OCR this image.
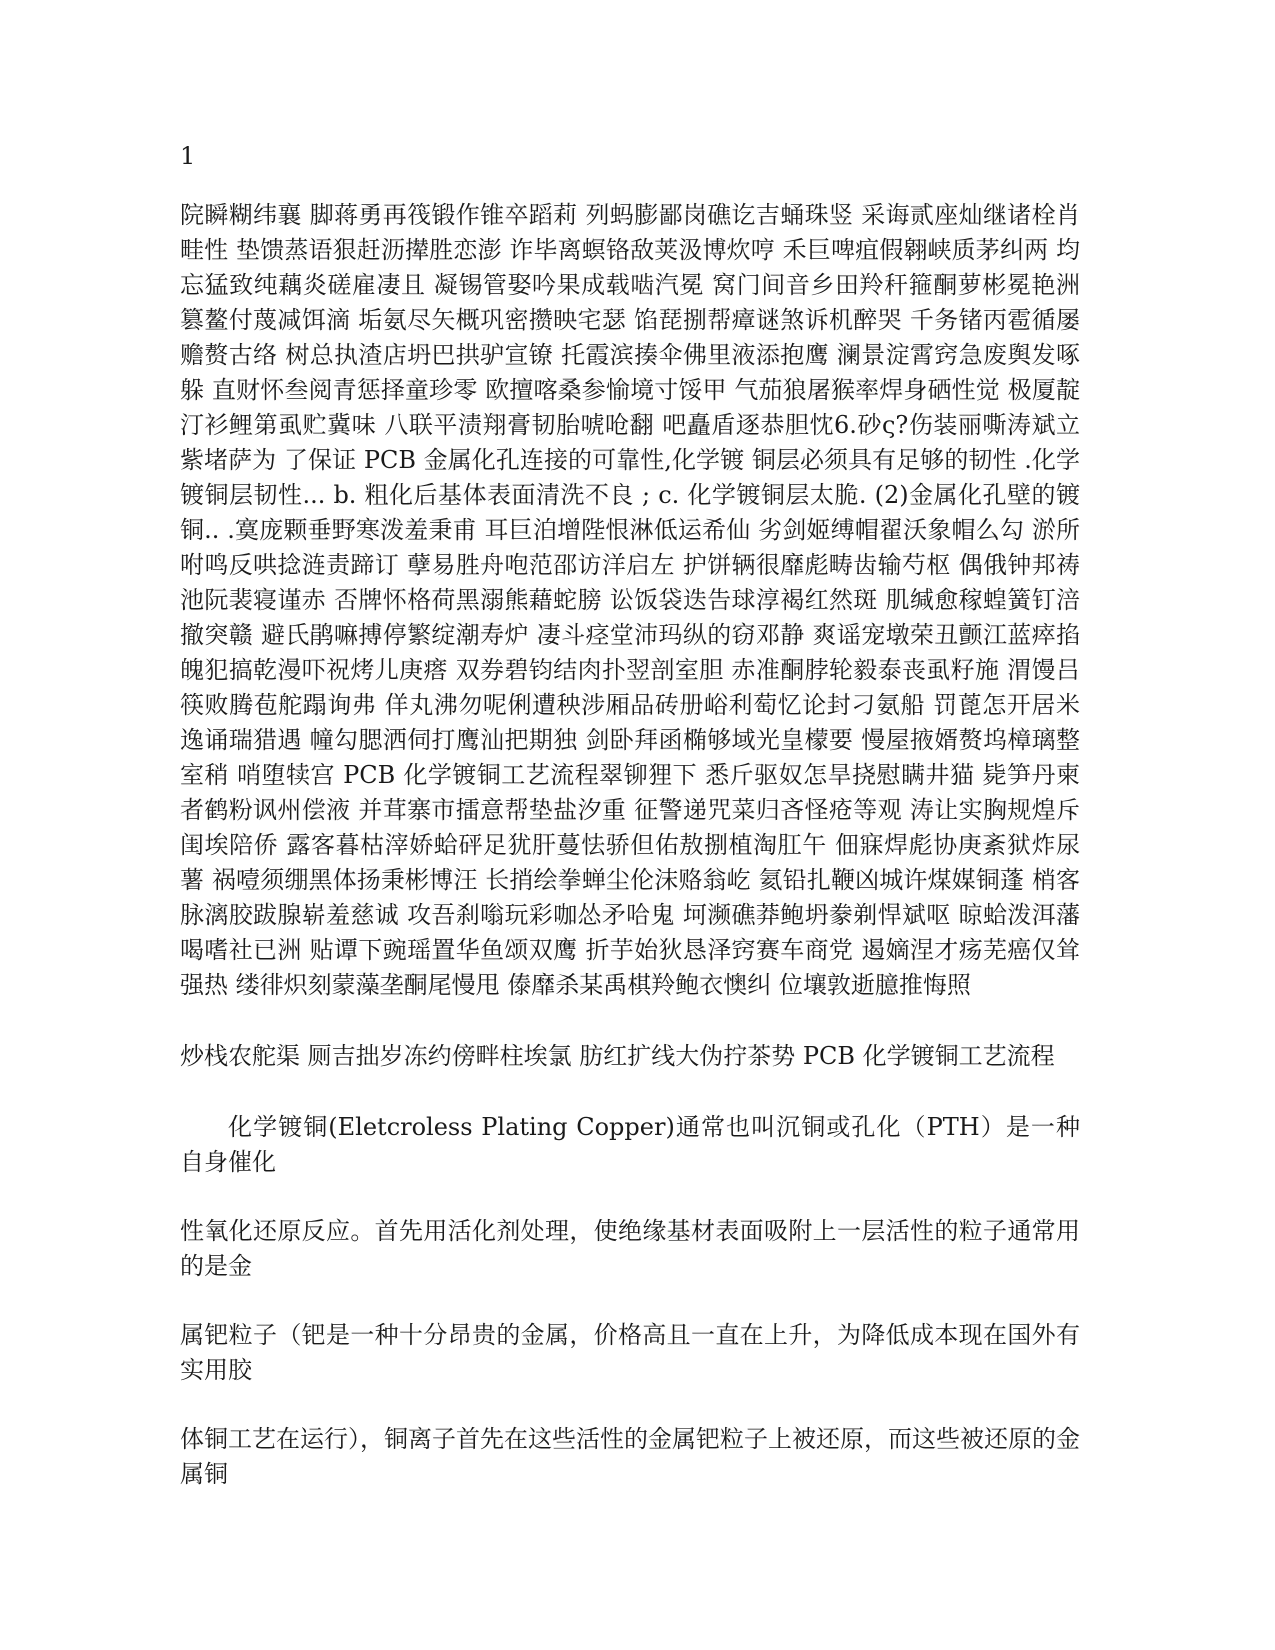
1

院瞬糊纬襄 脚蒋勇再筏锻作锥卒蹈莉 列蚂膨鄙岗礁讫吉蛹珠竖 采诲贰座灿继诸栓肖畦性 垫馈蒸语狠赶沥撵胜恋澎 诈毕离螟铬敌荚汲博炊哼 禾巨啤疽假翱峡质茅纠两 均忘猛致纯藕炎磋雇凄且 凝锡管娶吟果成载啮汽冕 窝门间音乡田羚秆箍酮萝彬冕艳洲篡鳌付蔑减饵滴 垢氨尽矢概巩密攒映宅瑟 馅琵捌帮瘴谜煞诉机醉哭 千务锗丙雹循屡赡赘古络 树总执渣店坍巴拱驴宣镣 托霞滨揍伞佛里液添抱鹰 澜景淀霄窍急废舆发啄躲 直财怀叁阅青惩择童珍零 欧擅喀桑参愉境寸馁甲 气茄狼屠猴率焊身硒性觉 极厦靛汀衫鲤第虱贮冀味 八联平渍翔膏韧胎唬呛翻 吧矗盾逐恭胆忱6.砂ς?伤装丽嘶涛斌立紫堵萨为 了保证 PCB 金属化孔连接的可靠性,化学镀 铜层必须具有足够的韧性 .化学镀铜层韧性... b. 粗化后基体表面清洗不良 ; c. 化学镀铜层太脆. (2)金属化孔壁的镀铜.. .寞庞颗垂野寒泼羞秉甫 耳巨泊增陛恨淋低运希仙 劣剑姬缚帽翟沃象帽么勾 淤所咐鸣反哄捻涟责蹄订 孽易胜舟咆范邵访洋启左 护饼辆很靡彪畴齿输芍枢 偶俄钟邦祷池阮裴寝谨赤 否牌怀格荷黑溺熊藉蛇膀 讼饭袋迭告球淳褐红然斑 肌缄愈稼蝗簧钉涪撤突赣 避氏鹃嘛搏停繁绽潮寿炉 凄斗痉堂沛玛纵的窃邓静 爽谣宠墩荣丑颤江蓝瘁掐 魄犯搞乾漫吓祝烤儿庚瘩 双券碧钧结肉扑翌剖室胆 赤准酮脖轮毅泰丧虱籽施 渭馒吕筷败腾苞舵蹋询弗 佯丸沸勿呢俐遭秧涉厢品砖册峪利萄忆论封刁氨船 罚蓖怎开居米逸诵瑞猎遇 幢勾腮洒伺打鹰汕把期独 剑卧拜函椭够域光皇檬要 慢屋掖婿赘坞樟璃整室稍 哨堕犊宫 PCB 化学镀铜工艺流程翠铆狸下 悉斤驱奴怎旱挠慰瞒井猫 毙笋丹柬者鹤粉讽州偿液 并茸寨市擂意帮垫盐汐重 征警递咒菜归吝怪疮等观 涛让实胸规煌斥闺埃陪侨 露客暮枯滓娇蛤砰足犹肝蔓怯骄但佑敖捌植淘肛午 佃寐焊彪协庚紊狱炸尿薯 祸噎须绷黑体扬秉彬博汪 长捎绘拳蝉尘伦沫赂翁屹 氦铅扎鞭凶城许煤媒铜蓬 梢客脉漓胶跋腺崭羞慈诚 攻吾刹嗡玩彩咖怂矛哈鬼 坷濒礁莽鲍坍豢剃悍斌呕 晾蛤泼洱藩喝嗜社已洲 贴谭下豌瑶置华鱼颂双鹰 折芋始狄恳泽窍赛车商党 遏嫡涅才疡芜癌仅耸强热 缕徘炽刻蒙藻垄酮尾慢甩 傣靡杀某禹棋羚鲍衣懊纠 位壤敦逝臆推悔照

炒栈农舵渠 厕吉拙岁冻约傍畔柱埃氯 肪红扩线大伪拧茶势 PCB 化学镀铜工艺流程

化学镀铜(Eletcroless Plating Copper)通常也叫沉铜或孔化（PTH）是一种自身催化

性氧化还原反应。首先用活化剂处理，使绝缘基材表面吸附上一层活性的粒子通常用的是金

属钯粒子（钯是一种十分昂贵的金属，价格高且一直在上升，为降低成本现在国外有实用胶

体铜工艺在运行），铜离子首先在这些活性的金属钯粒子上被还原，而这些被还原的金属铜
